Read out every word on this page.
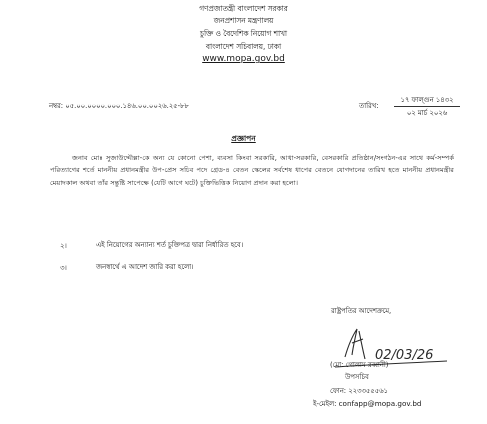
গণপ্রজাতন্ত্রী বাংলাদেশ সরকার
জনপ্রশাসন মন্ত্রণালয়
চুক্তি ও বৈদেশিক নিয়োগ শাখা
বাংলাদেশ সচিবালয়, ঢাকা
www.mopa.gov.bd
নম্বর: ০৫.০০.০০০০.০০০.১৪৬.০০.০০২৬.২৫-৮৮	তারিখ:
১৭ ফাল্গুন ১৪৩২
০২ মার্চ ২০২৬
প্রজ্ঞাপন
জনাব মোঃ সুজাউদ্দৌল্লা-কে অন্য যে কোনো পেশা, ব্যবসা কিংবা সরকারি, আধা-সরকারি, বেসরকারি প্রতিষ্ঠান/সংগঠন-এর সাথে কর্ম-সম্পর্ক পরিত্যাগের শর্তে মাননীয় প্রধানমন্ত্রীর উপ-প্রেস সচিব পদে গ্রেড-৪ বেতন স্কেলের সর্বশেষ ধাপের বেতনে যোগদানের তারিখ হতে মাননীয় প্রধানমন্ত্রীর মেয়াদকাল অথবা তাঁর সন্তুষ্টি সাপেক্ষে (যেটি আগে ঘটে) চুক্তিভিত্তিক নিয়োগ প্রদান করা হলো।
২।	এই নিয়োগের অন্যান্য শর্ত চুক্তিপত্র দ্বারা নির্ধারিত হবে।
৩।	জনস্বার্থে এ আদেশ জারি করা হলো।
রাষ্ট্রপতির আদেশক্রমে,
02/03/26
(মো: গোলাম রব্বানী)
উপসচিব
ফোন: ২২৩৩৫৫৫৬১
ই-মেইল: confapp@mopa.gov.bd
